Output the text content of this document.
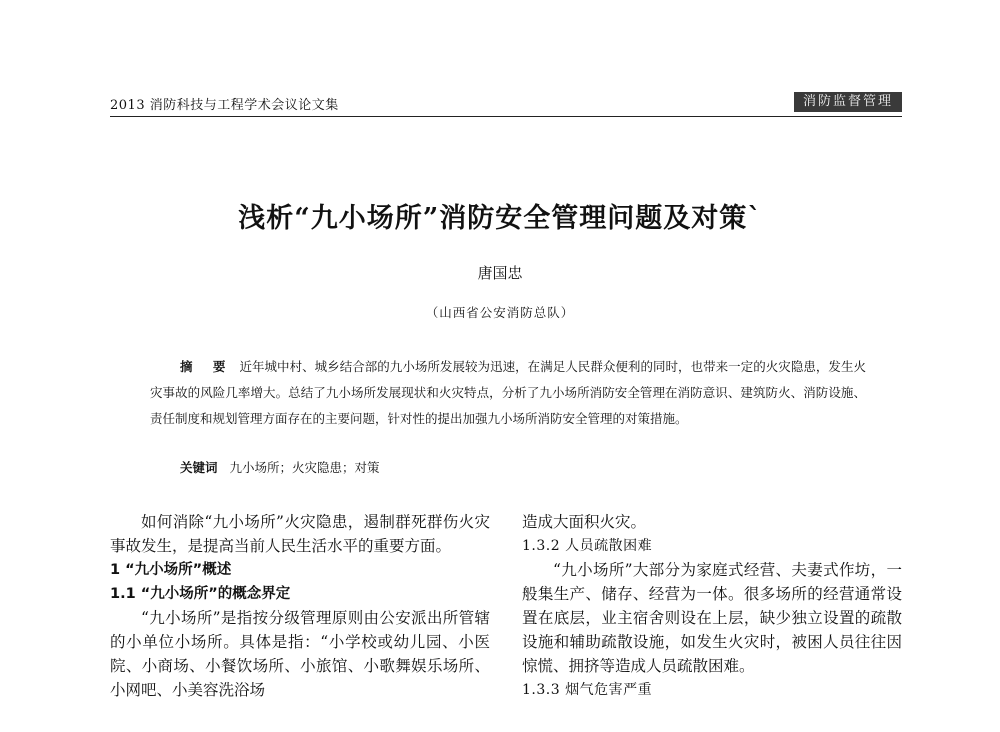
2013 消防科技与工程学术会议论文集	消防监督管理
浅析“九小场所”消防安全管理问题及对策`
唐国忠
（山西省公安消防总队）
摘 要 近年城中村、城乡结合部的九小场所发展较为迅速，在满足人民群众便利的同时，也带来一定的火灾隐患，发生火灾事故的风险几率增大。总结了九小场所发展现状和火灾特点，分析了九小场所消防安全管理在消防意识、建筑防火、消防设施、责任制度和规划管理方面存在的主要问题，针对性的提出加强九小场所消防安全管理的对策措施。
关键词 九小场所；火灾隐患；对策

如何消除“九小场所”火灾隐患，遏制群死群伤火灾事故发生，是提高当前人民生活水平的重要方面。

1 “九小场所”概述

1.1 “九小场所”的概念界定

“九小场所”是指按分级管理原则由公安派出所管辖的小单位小场所。具体是指：“小学校或幼儿园、小医院、小商场、小餐饮场所、小旅馆、小歌舞娱乐场所、小网吧、小美容洗浴场

造成大面积火灾。

1.3.2 人员疏散困难

“九小场所”大部分为家庭式经营、夫妻式作坊，一般集生产、储存、经营为一体。很多场所的经营通常设置在底层，业主宿舍则设在上层，缺少独立设置的疏散设施和辅助疏散设施，如发生火灾时，被困人员往往因惊慌、拥挤等造成人员疏散困难。

1.3.3 烟气危害严重
